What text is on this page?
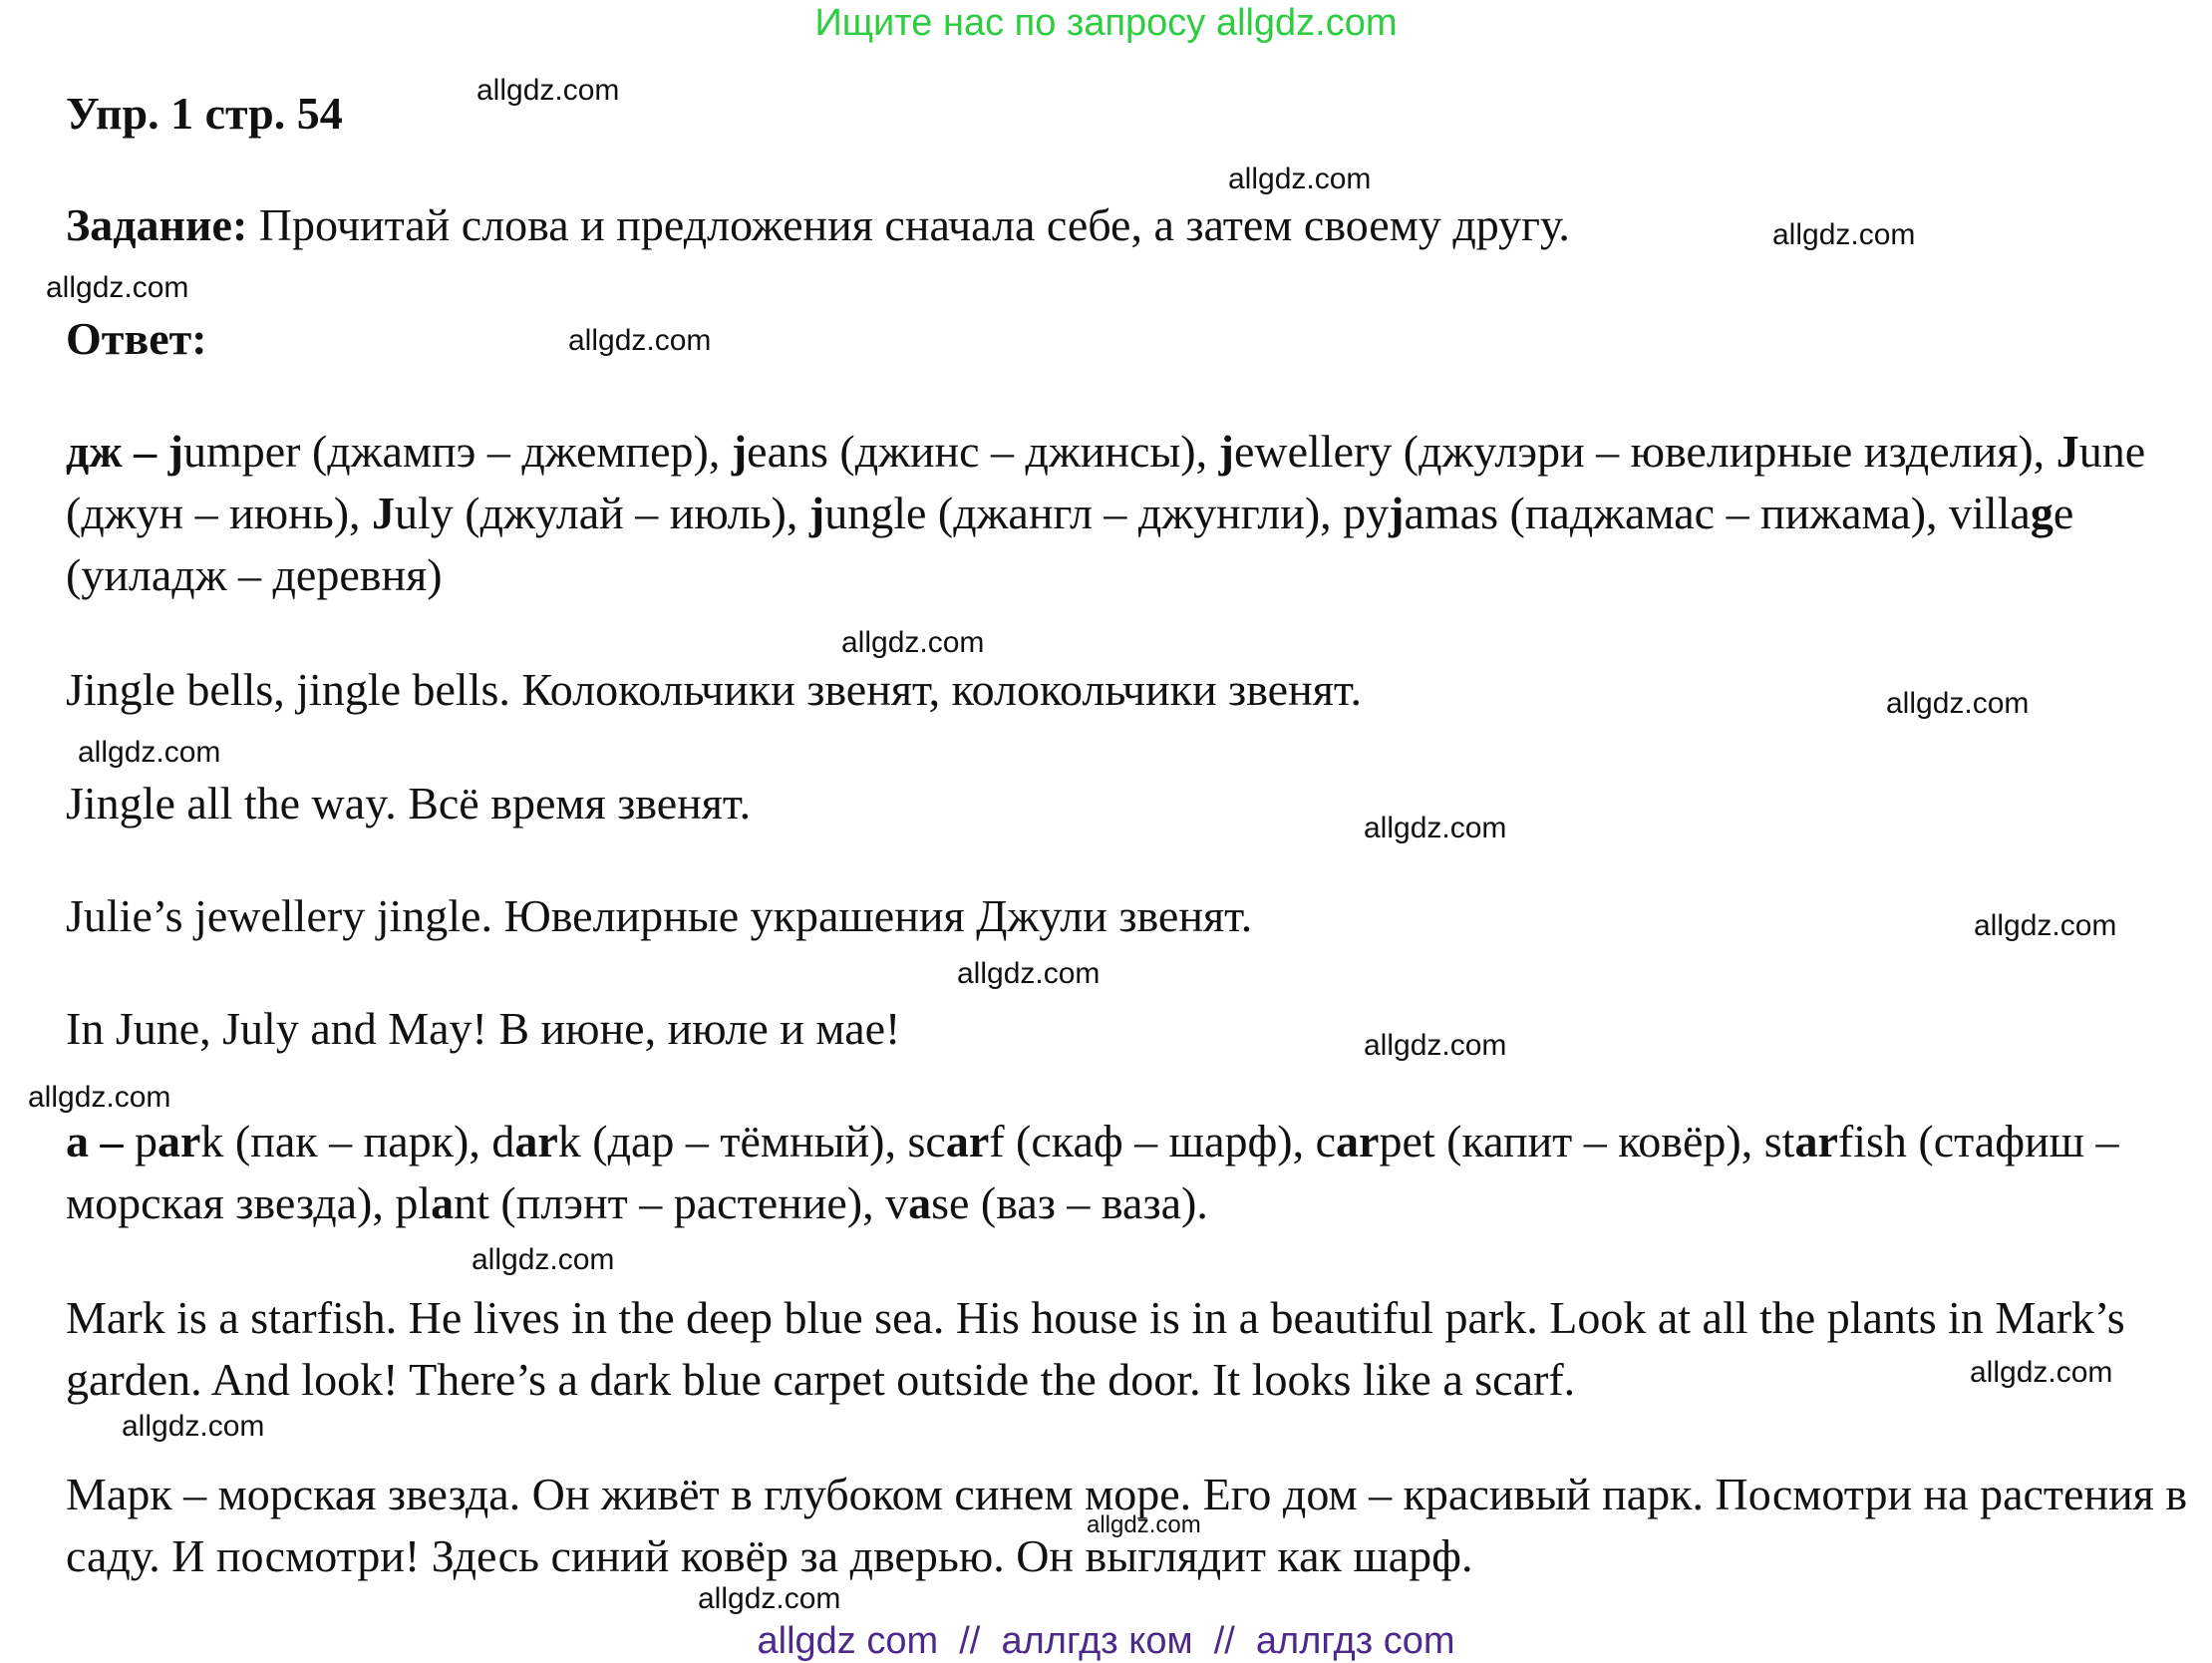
Ищите нас по запросу allgdz.com
Упр. 1 стр. 54
Задание: Прочитай слова и предложения сначала себе, а затем своему другу.
Ответ:
дж – jumper (джампэ – джемпер), jeans (джинс – джинсы), jewellery (джулэри – ювелирные изделия), June (джун – июнь), July (джулай – июль), jungle (джангл – джунгли), pyjamas (паджамас – пижама), village (уиладж – деревня)
Jingle bells, jingle bells. Колокольчики звенят, колокольчики звенят.
Jingle all the way. Всё время звенят.
Julie’s jewellery jingle. Ювелирные украшения Джули звенят.
In June, July and May! В июне, июле и мае!
a – park (пак – парк), dark (дар – тёмный), scarf (скаф – шарф), carpet (капит – ковёр), starfish (стафиш – морская звезда), plant (плэнт – растение), vase (ваз – ваза).
Mark is a starfish. He lives in the deep blue sea. His house is in a beautiful park. Look at all the plants in Mark’s garden. And look! There’s a dark blue carpet outside the door. It looks like a scarf.
Марк – морская звезда. Он живёт в глубоком синем море. Его дом – красивый парк. Посмотри на растения в саду. И посмотри! Здесь синий ковёр за дверью. Он выглядит как шарф.
allgdz.com
allgdz.com
allgdz.com
allgdz.com
allgdz.com
allgdz.com
allgdz.com
allgdz.com
allgdz.com
allgdz.com
allgdz.com
allgdz.com
allgdz.com
allgdz.com
allgdz.com
allgdz.com
allgdz.com
allgdz.com
allgdz com  //  аллгдз ком  //  аллгдз com
